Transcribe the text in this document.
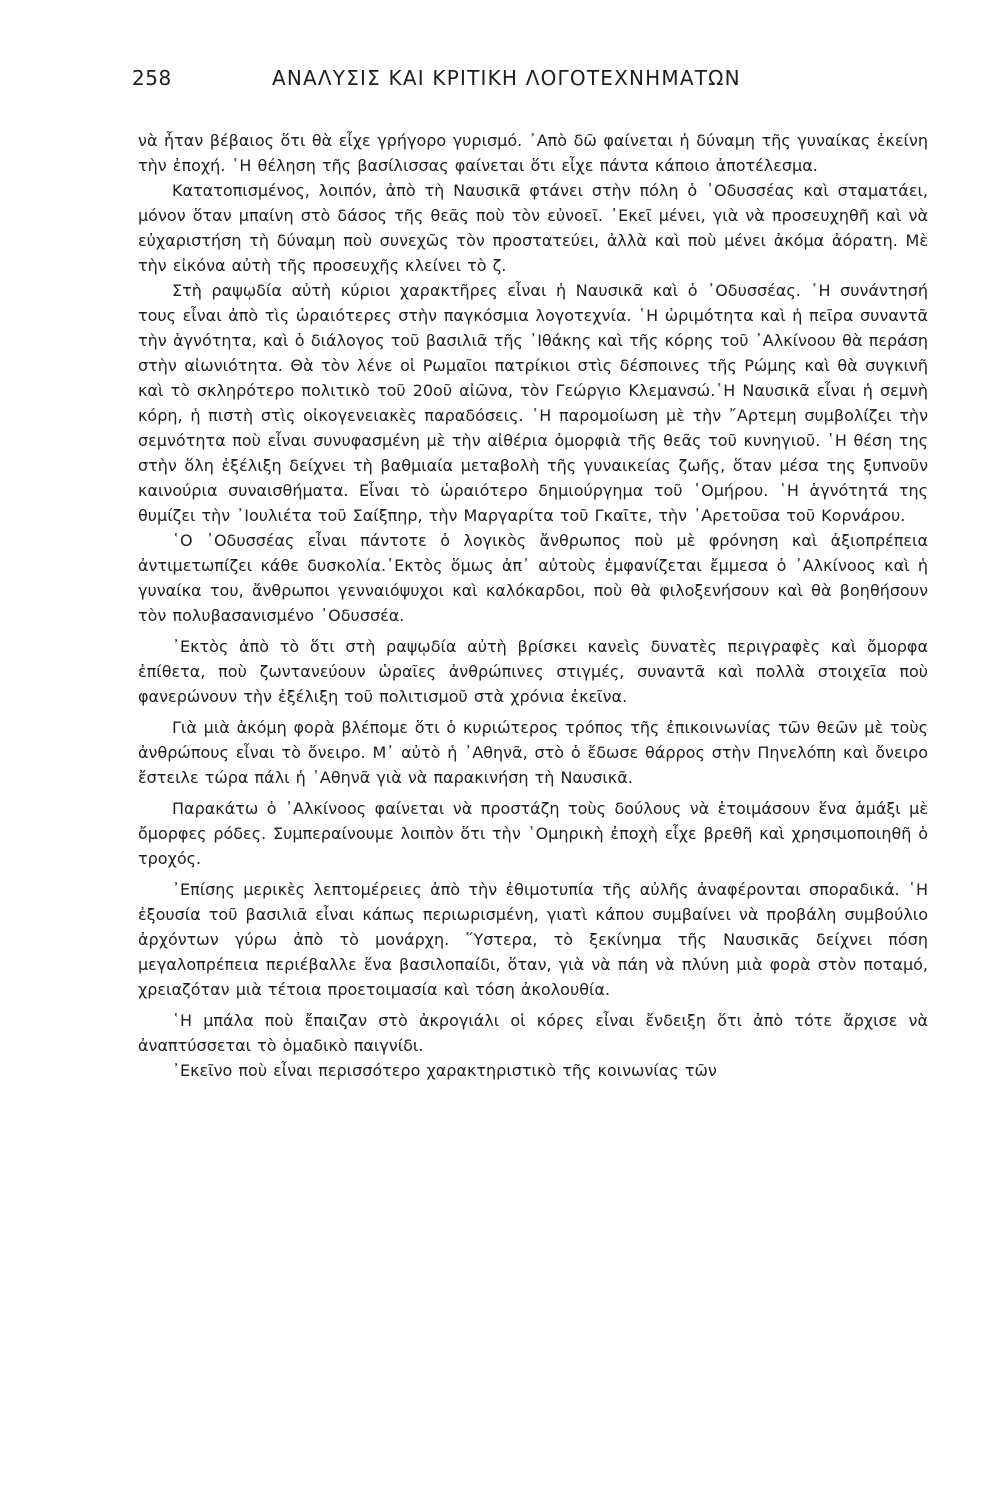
258	ΑΝΑΛΥΣΙΣ ΚΑΙ ΚΡΙΤΙΚΗ ΛΟΓΟΤΕΧΝΗΜΑΤΩΝ

νὰ ἦταν βέβαιος ὅτι θὰ εἶχε γρήγορο γυρισμό. ᾿Απὸ δῶ φαίνεται ἡ δύναμη τῆς γυναίκας ἐκείνη τὴν ἐποχή. ῾Η θέληση τῆς βασίλισσας φαίνεται ὅτι εἶχε πάντα κάποιο ἀποτέλεσμα.

Κατατοπισμένος, λοιπόν, ἀπὸ τὴ Ναυσικᾶ φτάνει στὴν πόλη ὁ ᾿Οδυσσέας καὶ σταματάει, μόνον ὅταν μπαίνη στὸ δάσος τῆς θεᾶς ποὺ τὸν εὐνοεῖ. ᾿Εκεῖ μένει, γιὰ νὰ προσευχηθῆ καὶ νὰ εὐχαριστήση τὴ δύναμη ποὺ συνεχῶς τὸν προστατεύει, ἀλλὰ καὶ ποὺ μένει ἀκόμα ἀόρατη. Μὲ τὴν εἰκόνα αὐτὴ τῆς προσευχῆς κλείνει τὸ ζ.

Στὴ ραψῳδία αὐτὴ κύριοι χαρακτῆρες εἶναι ἡ Ναυσικᾶ καὶ ὁ ᾿Οδυσσέας. ῾Η συνάντησή τους εἶναι ἀπὸ τὶς ὡραιότερες στὴν παγκόσμια λογοτεχνία. ῾Η ὡριμότητα καὶ ἡ πεῖρα συναντᾶ τὴν ἁγνότητα, καὶ ὁ διάλογος τοῦ βασιλιᾶ τῆς ᾿Ιθάκης καὶ τῆς κόρης τοῦ ᾿Αλκίνοου θὰ περάση στὴν αἰωνιότητα. Θὰ τὸν λένε οἱ Ρωμαῖοι πατρίκιοι στὶς δέσποινες τῆς Ρώμης καὶ θὰ συγκινῆ καὶ τὸ σκληρότερο πολιτικὸ τοῦ 20οῦ αἰῶνα, τὸν Γεώργιο Κλεμανσώ.῾Η Ναυσικᾶ εἶναι ἡ σεμνὴ κόρη, ἡ πιστὴ στὶς οἰκογενειακὲς παραδόσεις. ῾Η παρομοίωση μὲ τὴν ῎Αρτεμη συμβολίζει τὴν σεμνότητα ποὺ εἶναι συνυφασμένη μὲ τὴν αἰθέρια ὀμορφιὰ τῆς θεᾶς τοῦ κυνηγιοῦ. ῾Η θέση της στὴν ὅλη ἐξέλιξη δείχνει τὴ βαθμιαία μεταβολὴ τῆς γυναικείας ζωῆς, ὅταν μέσα της ξυπνοῦν καινούρια συναισθήματα. Εἶναι τὸ ὡραιότερο δημιούργημα τοῦ ῾Ομήρου. ῾Η ἁγνότητά της θυμίζει τὴν ᾿Ιουλιέτα τοῦ Σαίξπηρ, τὴν Μαργαρίτα τοῦ Γκαῖτε, τὴν ᾿Αρετοῦσα τοῦ Κορνάρου.

῾Ο ᾿Οδυσσέας εἶναι πάντοτε ὁ λογικὸς ἄνθρωπος ποὺ μὲ φρόνηση καὶ ἀξιοπρέπεια ἀντιμετωπίζει κάθε δυσκολία.᾿Εκτὸς ὅμως ἀπ᾿ αὐτοὺς ἐμφανίζεται ἔμμεσα ὁ ᾿Αλκίνοος καὶ ἡ γυναίκα του, ἄνθρωποι γενναιόψυχοι καὶ καλόκαρδοι, ποὺ θὰ φιλοξενήσουν καὶ θὰ βοηθήσουν τὸν πολυβασανισμένο ᾿Οδυσσέα.

᾿Εκτὸς ἀπὸ τὸ ὅτι στὴ ραψῳδία αὐτὴ βρίσκει κανεὶς δυνατὲς περιγραφὲς καὶ ὄμορφα ἐπίθετα, ποὺ ζωντανεύουν ὡραῖες ἀνθρώπινες στιγμές, συναντᾶ καὶ πολλὰ στοιχεῖα ποὺ φανερώνουν τὴν ἐξέλιξη τοῦ πολιτισμοῦ στὰ χρόνια ἐκεῖνα.

Γιὰ μιὰ ἀκόμη φορὰ βλέπομε ὅτι ὁ κυριώτερος τρόπος τῆς ἐπικοινωνίας τῶν θεῶν μὲ τοὺς ἀνθρώπους εἶναι τὸ ὄνειρο. Μ᾿ αὐτὸ ἡ ᾿Αθηνᾶ, στὸ ὁ ἔδωσε θάρρος στὴν Πηνελόπη καὶ ὄνειρο ἔστειλε τώρα πάλι ἡ ᾿Αθηνᾶ γιὰ νὰ παρακινήση τὴ Ναυσικᾶ.

Παρακάτω ὁ ᾿Αλκίνοος φαίνεται νὰ προστάζη τοὺς δούλους νὰ ἑτοιμάσουν ἕνα ἁμάξι μὲ ὄμορφες ρόδες. Συμπεραίνουμε λοιπὸν ὅτι τὴν ῾Ομηρικὴ ἐποχὴ εἶχε βρεθῆ καὶ χρησιμοποιηθῆ ὁ τροχός.

᾿Επίσης μερικὲς λεπτομέρειες ἀπὸ τὴν ἐθιμοτυπία τῆς αὐλῆς ἀναφέρονται σποραδικά. ῾Η ἐξουσία τοῦ βασιλιᾶ εἶναι κάπως περιωρισμένη, γιατὶ κάπου συμβαίνει νὰ προβάλη συμβούλιο ἀρχόντων γύρω ἀπὸ τὸ μονάρχη. ῞Υστερα, τὸ ξεκίνημα τῆς Ναυσικᾶς δείχνει πόση μεγαλοπρέπεια περιέβαλλε ἕνα βασιλοπαίδι, ὅταν, γιὰ νὰ πάη νὰ πλύνη μιὰ φορὰ στὸν ποταμό, χρειαζόταν μιὰ τέτοια προετοιμασία καὶ τόση ἀκολουθία.

῾Η μπάλα ποὺ ἔπαιζαν στὸ ἀκρογιάλι οἱ κόρες εἶναι ἔνδειξη ὅτι ἀπὸ τότε ἄρχισε νὰ ἀναπτύσσεται τὸ ὁμαδικὸ παιγνίδι.

᾿Εκεῖνο ποὺ εἶναι περισσότερο χαρακτηριστικὸ τῆς κοινωνίας τῶν
